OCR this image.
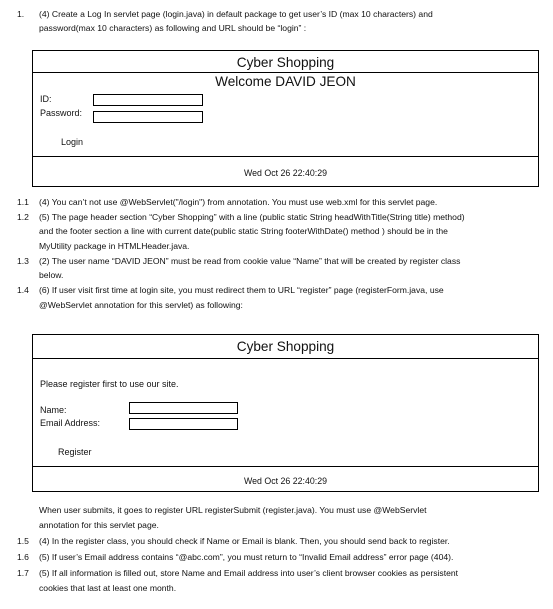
1. (4) Create a Log In servlet page (login.java) in default package to get user’s ID (max 10 characters) and
password(max 10 characters) as following and URL should be “login” :
Cyber Shopping
Welcome DAVID JEON
ID:
Password:
Login
Wed Oct 26 22:40:29
1.1 (4) You can’t not use @WebServlet("/login") from annotation. You must use web.xml for this servlet page.
1.2 (5) The page header section “Cyber Shopping” with a line (public static String headWithTitle(String title) method)
and the footer section a line with current date(public static String footerWithDate() method ) should be in the
MyUtility package in HTMLHeader.java.
1.3 (2) The user name “DAVID JEON” must be read from cookie value “Name” that will be created by register class
below.
1.4 (6) If user visit first time at login site, you must redirect them to URL “register” page (registerForm.java, use
@WebServlet annotation for this servlet) as following:
Cyber Shopping
Please register first to use our site.
Name:
Email Address:
Register
Wed Oct 26 22:40:29
When user submits, it goes to register URL registerSubmit (register.java). You must use @WebServlet
annotation for this servlet page.
1.5 (4) In the register class, you should check if Name or Email is blank. Then, you should send back to register.
1.6 (5) If user’s Email address contains “@abc.com”, you must return to “Invalid Email address” error page (404).
1.7 (5) If all information is filled out, store Name and Email address into user’s client browser cookies as persistent
cookies that last at least one month.
